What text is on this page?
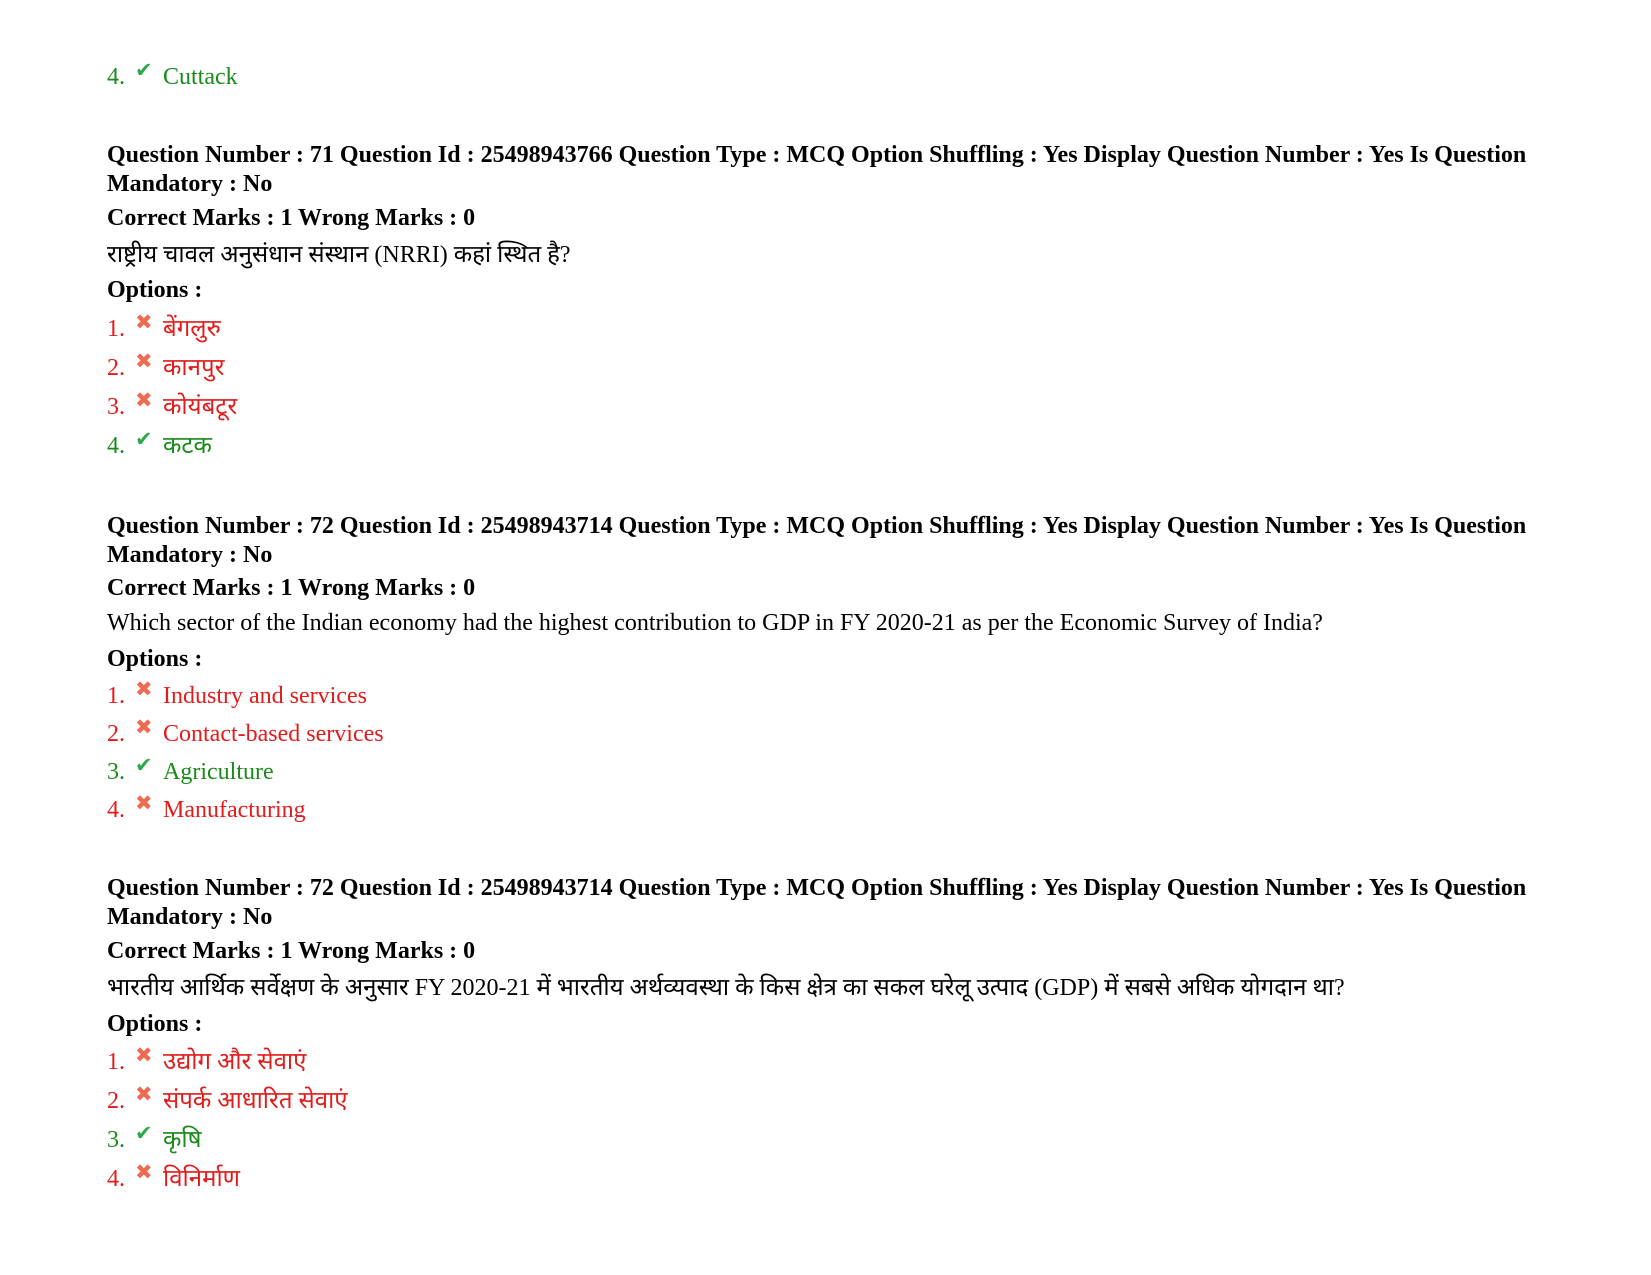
4. ✔ Cuttack
Question Number : 71 Question Id : 25498943766 Question Type : MCQ Option Shuffling : Yes Display Question Number : Yes Is Question Mandatory : No
Correct Marks : 1 Wrong Marks : 0
राष्ट्रीय चावल अनुसंधान संस्थान (NRRI) कहां स्थित है?
Options :
1. ✖ बेंगलुरु
2. ✖ कानपुर
3. ✖ कोयंबटूर
4. ✔ कटक
Question Number : 72 Question Id : 25498943714 Question Type : MCQ Option Shuffling : Yes Display Question Number : Yes Is Question Mandatory : No
Correct Marks : 1 Wrong Marks : 0
Which sector of the Indian economy had the highest contribution to GDP in FY 2020-21 as per the Economic Survey of India?
Options :
1. ✖ Industry and services
2. ✖ Contact-based services
3. ✔ Agriculture
4. ✖ Manufacturing
Question Number : 72 Question Id : 25498943714 Question Type : MCQ Option Shuffling : Yes Display Question Number : Yes Is Question Mandatory : No
Correct Marks : 1 Wrong Marks : 0
भारतीय आर्थिक सर्वेक्षण के अनुसार FY 2020-21 में भारतीय अर्थव्यवस्था के किस क्षेत्र का सकल घरेलू उत्पाद (GDP) में सबसे अधिक योगदान था?
Options :
1. ✖ उद्योग और सेवाएं
2. ✖ संपर्क आधारित सेवाएं
3. ✔ कृषि
4. ✖ विनिर्माण
